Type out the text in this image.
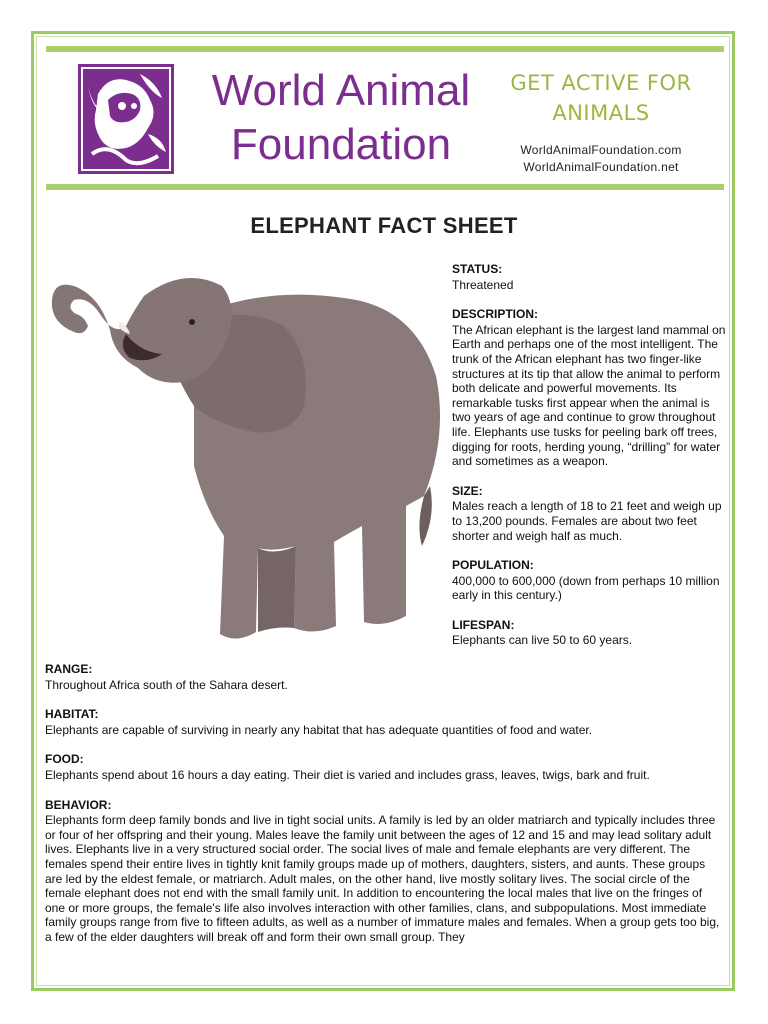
World Animal
Foundation
GET ACTIVE FOR
ANIMALS
WorldAnimalFoundation.com
WorldAnimalFoundation.net
ELEPHANT FACT SHEET
STATUS:

Threatened

DESCRIPTION:

The African elephant is the largest land mammal on Earth and perhaps one of the most intelligent. The trunk of the African elephant has two finger-like structures at its tip that allow the animal to perform both delicate and powerful movements. Its remarkable tusks first appear when the animal is two years of age and continue to grow throughout life. Elephants use tusks for peeling bark off trees, digging for roots, herding young, “drilling” for water and sometimes as a weapon.

SIZE:

Males reach a length of 18 to 21 feet and weigh up to 13,200 pounds. Females are about two feet shorter and weigh half as much.

POPULATION:

400,000 to 600,000 (down from perhaps 10 million early in this century.)

LIFESPAN:

Elephants can live 50 to 60 years.

RANGE:

Throughout Africa south of the Sahara desert.

HABITAT:

Elephants are capable of surviving in nearly any habitat that has adequate quantities of food and water.

FOOD:

Elephants spend about 16 hours a day eating. Their diet is varied and includes grass, leaves, twigs, bark and fruit.

BEHAVIOR:

Elephants form deep family bonds and live in tight social units. A family is led by an older matriarch and typically includes three or four of her offspring and their young. Males leave the family unit between the ages of 12 and 15 and may lead solitary adult lives. Elephants live in a very structured social order. The social lives of male and female elephants are very different. The females spend their entire lives in tightly knit family groups made up of mothers, daughters, sisters, and aunts. These groups are led by the eldest female, or matriarch. Adult males, on the other hand, live mostly solitary lives. The social circle of the female elephant does not end with the small family unit. In addition to encountering the local males that live on the fringes of one or more groups, the female's life also involves interaction with other families, clans, and subpopulations. Most immediate family groups range from five to fifteen adults, as well as a number of immature males and females. When a group gets too big, a few of the elder daughters will break off and form their own small group. They
